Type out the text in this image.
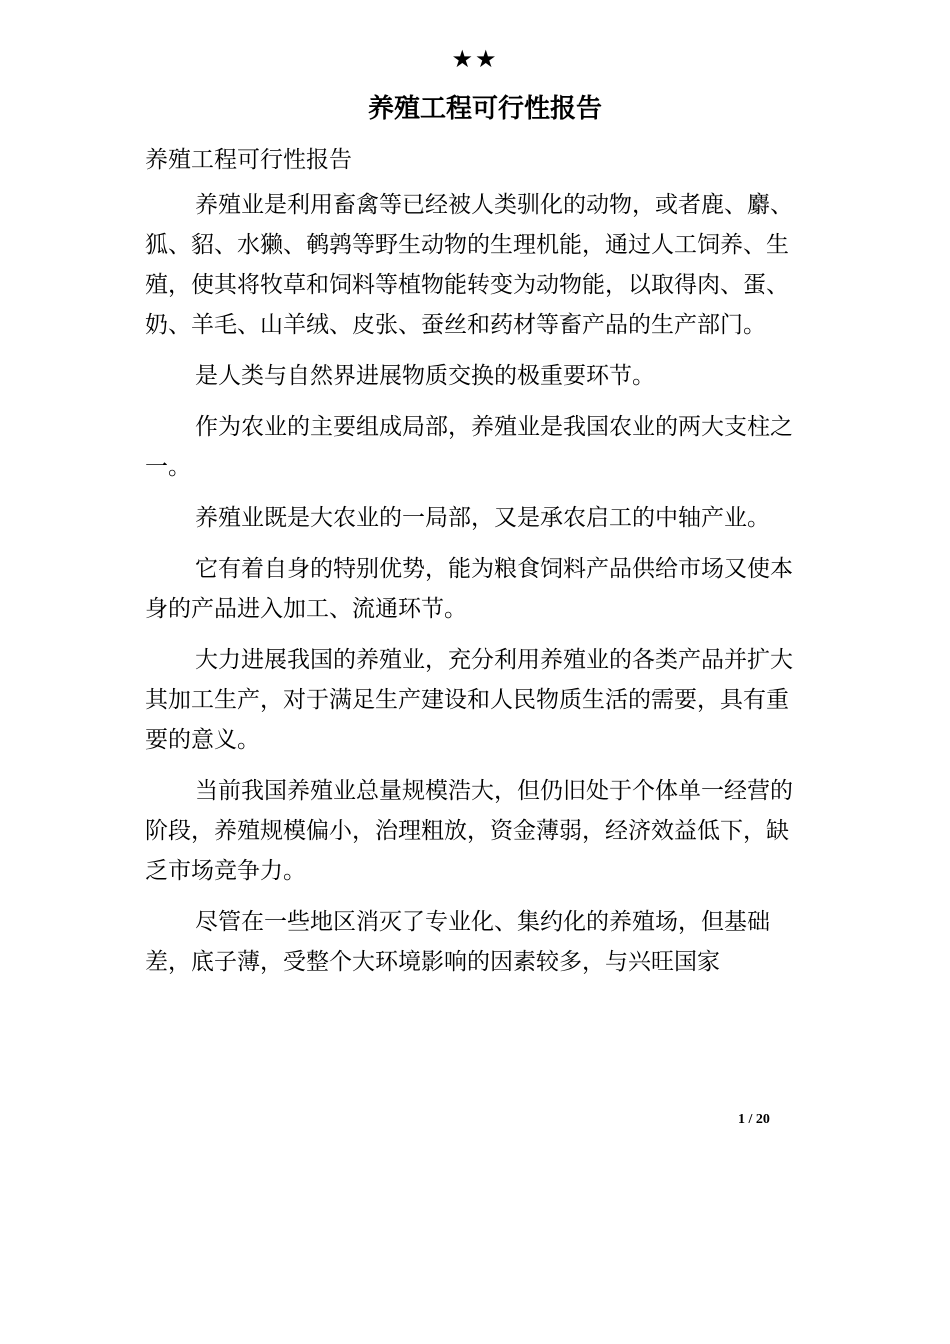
★★
养殖工程可行性报告

养殖工程可行性报告

养殖业是利用畜禽等已经被人类驯化的动物，或者鹿、麝、狐、貂、水獭、鹌鹑等野生动物的生理机能，通过人工饲养、生殖，使其将牧草和饲料等植物能转变为动物能，以取得肉、蛋、奶、羊毛、山羊绒、皮张、蚕丝和药材等畜产品的生产部门。

是人类与自然界进展物质交换的极重要环节。

作为农业的主要组成局部，养殖业是我国农业的两大支柱之一。

养殖业既是大农业的一局部，又是承农启工的中轴产业。

它有着自身的特别优势，能为粮食饲料产品供给市场又使本身的产品进入加工、流通环节。

大力进展我国的养殖业，充分利用养殖业的各类产品并扩大其加工生产，对于满足生产建设和人民物质生活的需要，具有重要的意义。

当前我国养殖业总量规模浩大，但仍旧处于个体单一经营的阶段，养殖规模偏小，治理粗放，资金薄弱，经济效益低下，缺乏市场竞争力。

尽管在一些地区消灭了专业化、集约化的养殖场，但基础差，底子薄，受整个大环境影响的因素较多，与兴旺国家

1 / 20
